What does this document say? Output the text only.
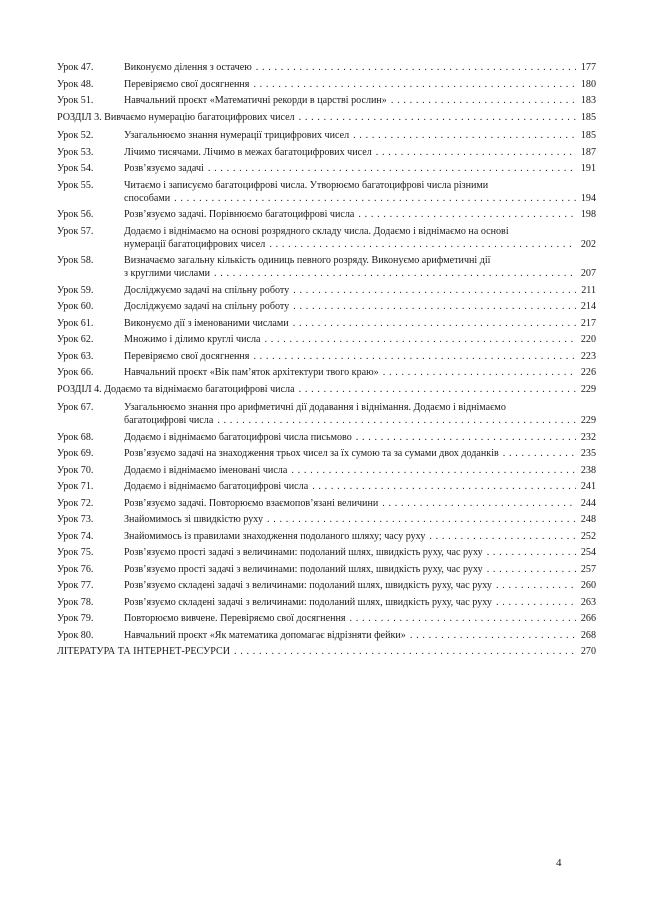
Урок 47.	Виконуємо ділення з остачею . . .	177
Урок 48.	Перевіряємо свої досягнення . . .	180
Урок 51.	Навчальний проєкт «Математичні рекорди в царстві рослин» . . .	183
РОЗДІЛ 3. Вивчаємо нумерацію багатоцифрових чисел . . .	185
Урок 52.	Узагальнюємо знання нумерації трицифрових чисел . . .	185
Урок 53.	Лічимо тисячами. Лічимо в межах багатоцифрових чисел . . .	187
Урок 54.	Розв’язуємо задачі . . .	191
Урок 55.	Читаємо і записуємо багатоцифрові числа. Утворюємо багатоцифрові числа різними
способами . . .	194
Урок 56.	Розв’язуємо задачі. Порівнюємо багатоцифрові числа . . .	198
Урок 57.	Додаємо і віднімаємо на основі розрядного складу числа. Додаємо і віднімаємо на основі
нумерації багатоцифрових чисел . . .	202
Урок 58.	Визначаємо загальну кількість одиниць певного розряду. Виконуємо арифметичні дії
з круглими числами . . .	207
Урок 59.	Досліджуємо задачі на спільну роботу . . .	211
Урок 60.	Досліджуємо задачі на спільну роботу . . .	214
Урок 61.	Виконуємо дії з іменованими числами . . .	217
Урок 62.	Множимо і ділимо круглі числа . . .	220
Урок 63.	Перевіряємо свої досягнення . . .	223
Урок 66.	Навчальний проєкт «Вік пам’яток архітектури твого краю» . . .	226
РОЗДІЛ 4. Додаємо та віднімаємо багатоцифрові числа . . .	229
Урок 67.	Узагальнюємо знання про арифметичні дії додавання і віднімання. Додаємо і віднімаємо
багатоцифрові числа . . .	229
Урок 68.	Додаємо і віднімаємо багатоцифрові числа письмово . . .	232
Урок 69.	Розв’язуємо задачі на знаходження трьох чисел за їх сумою та за сумами двох доданків . . .	235
Урок 70.	Додаємо і віднімаємо іменовані числа . . .	238
Урок 71.	Додаємо і віднімаємо багатоцифрові числа . . .	241
Урок 72.	Розв’язуємо задачі. Повторюємо взаємопов’язані величини . . .	244
Урок 73.	Знайомимось зі швидкістю руху . . .	248
Урок 74.	Знайомимось із правилами знаходження подоланого шляху; часу руху . . .	252
Урок 75.	Розв’язуємо прості задачі з величинами: подоланий шлях, швидкість руху, час руху . . .	254
Урок 76.	Розв’язуємо прості задачі з величинами: подоланий шлях, швидкість руху, час руху . . .	257
Урок 77.	Розв’язуємо складені задачі з величинами: подоланий шлях, швидкість руху, час руху . . .	260
Урок 78.	Розв’язуємо складені задачі з величинами: подоланий шлях, швидкість руху, час руху . . .	263
Урок 79.	Повторюємо вивчене. Перевіряємо свої досягнення . . .	266
Урок 80.	Навчальний проєкт «Як математика допомагає відрізняти фейки» . . .	268
ЛІТЕРАТУРА ТА ІНТЕРНЕТ-РЕСУРСИ . . .	270
4
